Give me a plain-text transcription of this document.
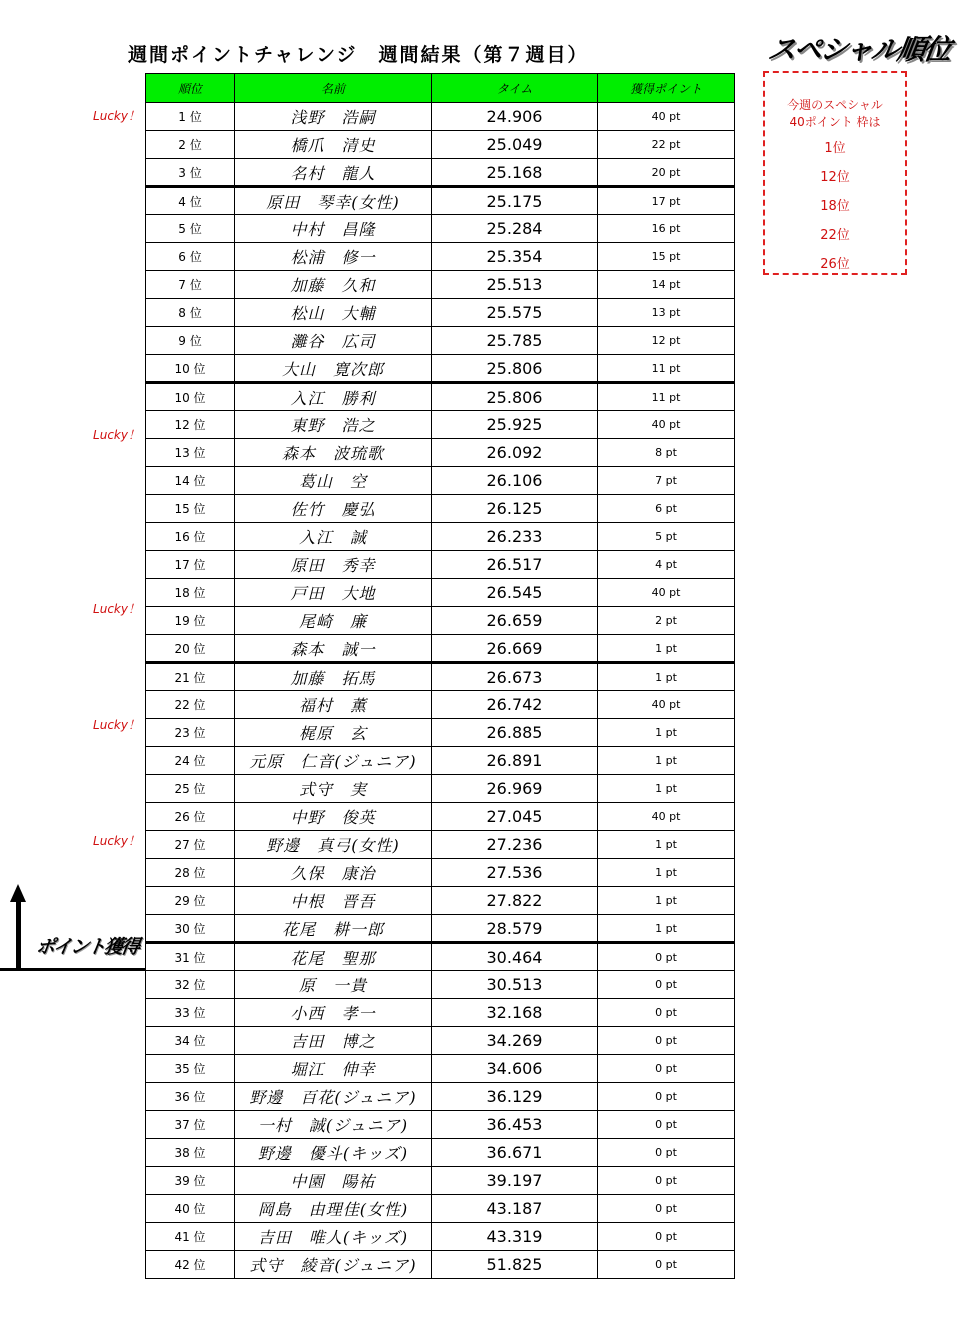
週間ポイントチャレンジ　週間結果（第７週目）	スペシャル順位
今週のスペシャル
40ポイント 枠は
1位
12位
18位
22位
26位
順位	名前	タイム	獲得ポイント
1 位	浅野　浩嗣	24.906	40 pt
2 位	橋爪　清史	25.049	22 pt
3 位	名村　龍人	25.168	20 pt
4 位	原田　琴幸(女性)	25.175	17 pt
5 位	中村　昌隆	25.284	16 pt
6 位	松浦　修一	25.354	15 pt
7 位	加藤　久和	25.513	14 pt
8 位	松山　大輔	25.575	13 pt
9 位	灘谷　広司	25.785	12 pt
10 位	大山　寛次郎	25.806	11 pt
10 位	入江　勝利	25.806	11 pt
12 位	東野　浩之	25.925	40 pt
13 位	森本　波琉歌	26.092	8 pt
14 位	葛山　空	26.106	7 pt
15 位	佐竹　慶弘	26.125	6 pt
16 位	入江　誠	26.233	5 pt
17 位	原田　秀幸	26.517	4 pt
18 位	戸田　大地	26.545	40 pt
19 位	尾崎　廉	26.659	2 pt
20 位	森本　誠一	26.669	1 pt
21 位	加藤　拓馬	26.673	1 pt
22 位	福村　薫	26.742	40 pt
23 位	梶原　玄	26.885	1 pt
24 位	元原　仁音(ジュニア)	26.891	1 pt
25 位	式守　実	26.969	1 pt
26 位	中野　俊英	27.045	40 pt
27 位	野邊　真弓(女性)	27.236	1 pt
28 位	久保　康治	27.536	1 pt
29 位	中根　晋吾	27.822	1 pt
30 位	花尾　耕一郎	28.579	1 pt
31 位	花尾　聖那	30.464	0 pt
32 位	原　一貴	30.513	0 pt
33 位	小西　孝一	32.168	0 pt
34 位	吉田　博之	34.269	0 pt
35 位	堀江　伸幸	34.606	0 pt
36 位	野邊　百花(ジュニア)	36.129	0 pt
37 位	一村　誠(ジュニア)	36.453	0 pt
38 位	野邊　優斗(キッズ)	36.671	0 pt
39 位	中園　陽祐	39.197	0 pt
40 位	岡島　由理佳(女性)	43.187	0 pt
41 位	吉田　唯人(キッズ)	43.319	0 pt
42 位	式守　綾音(ジュニア)	51.825	0 pt
Lucky！
Lucky！
Lucky！
Lucky！
Lucky！
ポイント獲得
